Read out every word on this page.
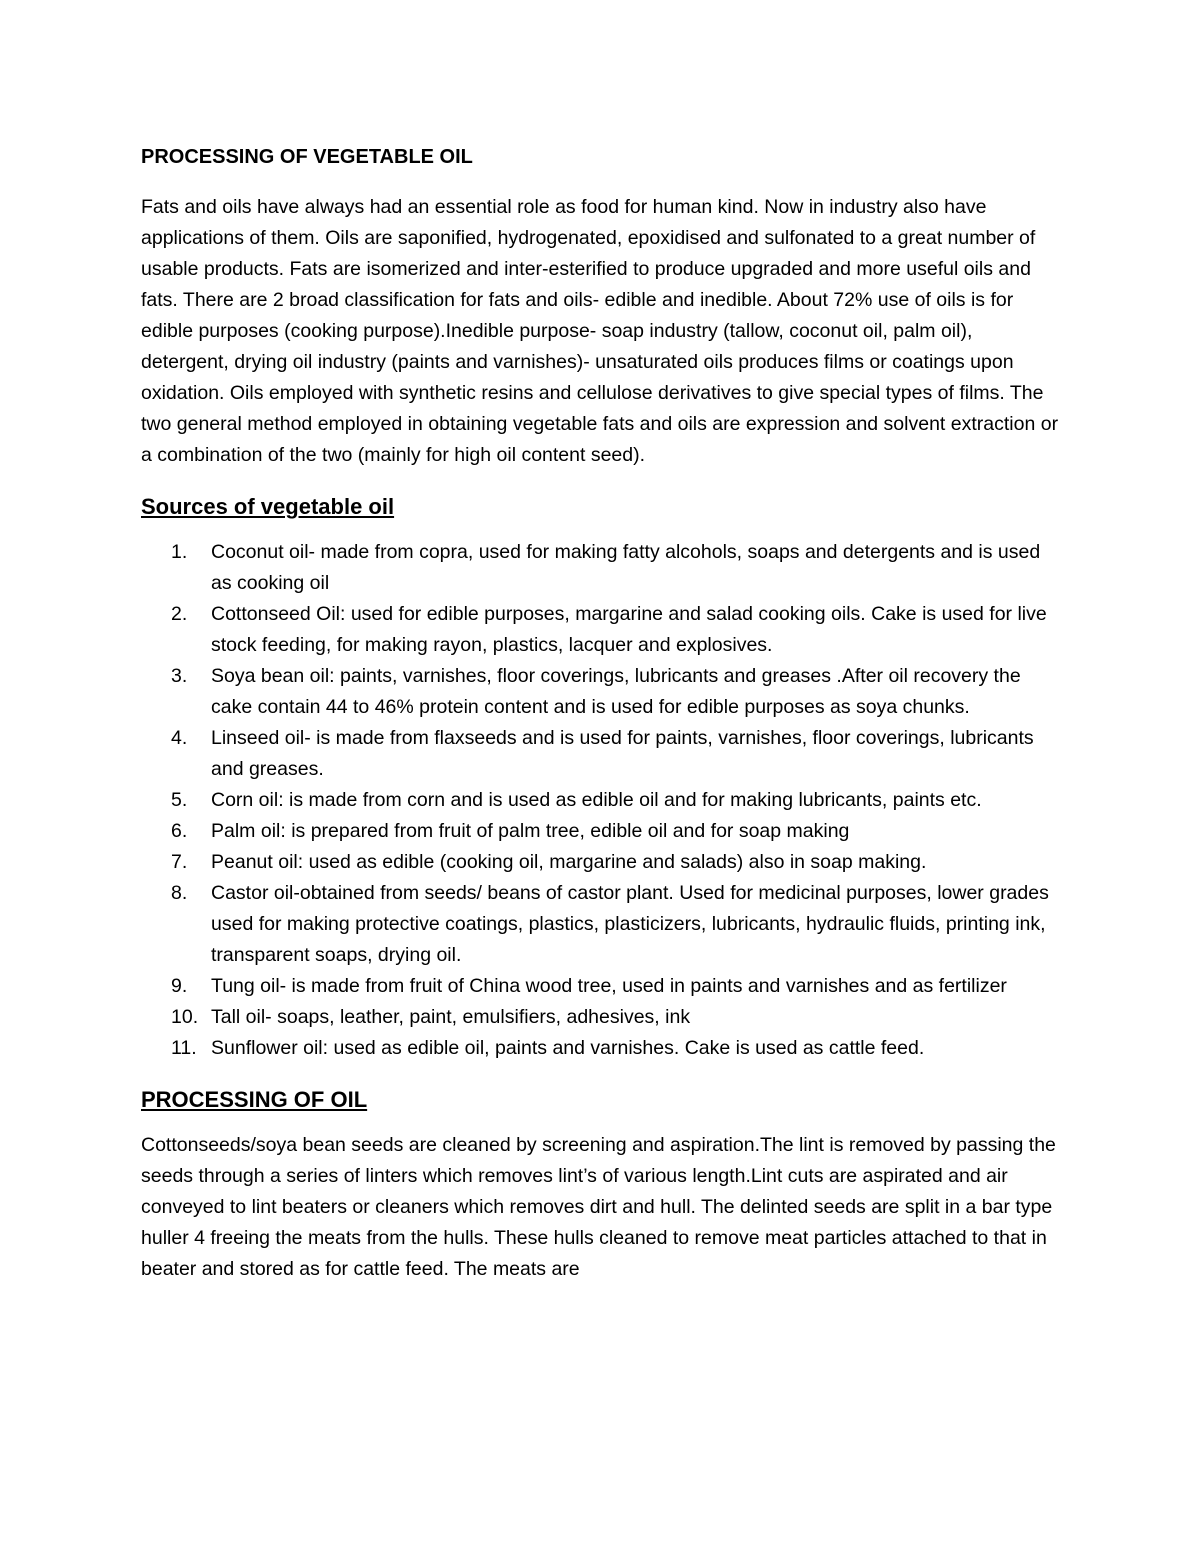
PROCESSING OF VEGETABLE OIL

Fats and oils have always had an essential role as food for human kind. Now in industry also have applications of them. Oils are saponified, hydrogenated, epoxidised and sulfonated to a great number of usable products. Fats are isomerized and inter-esterified to produce upgraded and more useful oils and fats. There are 2 broad classification for fats and oils- edible and inedible. About 72% use of oils is for edible purposes (cooking purpose).Inedible purpose- soap industry (tallow, coconut oil, palm oil), detergent, drying oil industry (paints and varnishes)- unsaturated oils produces films or coatings upon oxidation. Oils employed with synthetic resins and cellulose derivatives to give special types of films. The two general method employed in obtaining vegetable fats and oils are expression and solvent extraction or a combination of the two (mainly for high oil content seed).

Sources of vegetable oil
1.	Coconut oil- made from copra, used for making fatty alcohols, soaps and detergents and is used as cooking oil
2.	Cottonseed Oil: used for edible purposes, margarine and salad cooking oils. Cake is used for live stock feeding, for making rayon, plastics, lacquer and explosives.
3.	Soya bean oil: paints, varnishes, floor coverings, lubricants and greases .After oil recovery the cake contain 44 to 46% protein content and is used for edible purposes as soya chunks.
4.	Linseed oil- is made from flaxseeds and is used for paints, varnishes, floor coverings, lubricants and greases.
5.	Corn oil: is made from corn and is used as edible oil and for making lubricants, paints etc.
6.	Palm oil: is prepared from fruit of palm tree, edible oil and for soap making
7.	Peanut oil: used as edible (cooking oil, margarine and salads) also in soap making.
8.	Castor oil-obtained from seeds/ beans of castor plant. Used for medicinal purposes, lower grades used for making protective coatings, plastics, plasticizers, lubricants, hydraulic fluids, printing ink, transparent soaps, drying oil.
9.	Tung oil- is made from fruit of China wood tree, used in paints and varnishes and as fertilizer
10. Tall oil- soaps, leather, paint, emulsifiers, adhesives, ink
11. Sunflower oil: used as edible oil, paints and varnishes. Cake is used as cattle feed.
PROCESSING OF OIL

Cottonseeds/soya bean seeds are cleaned by screening and aspiration.The lint is removed by passing the seeds through a series of linters which removes lint’s of various length.Lint cuts are aspirated and air conveyed to lint beaters or cleaners which removes dirt and hull. The delinted seeds are split in a bar type huller 4 freeing the meats from the hulls. These hulls cleaned to remove meat particles attached to that in beater and stored as for cattle feed. The meats are
